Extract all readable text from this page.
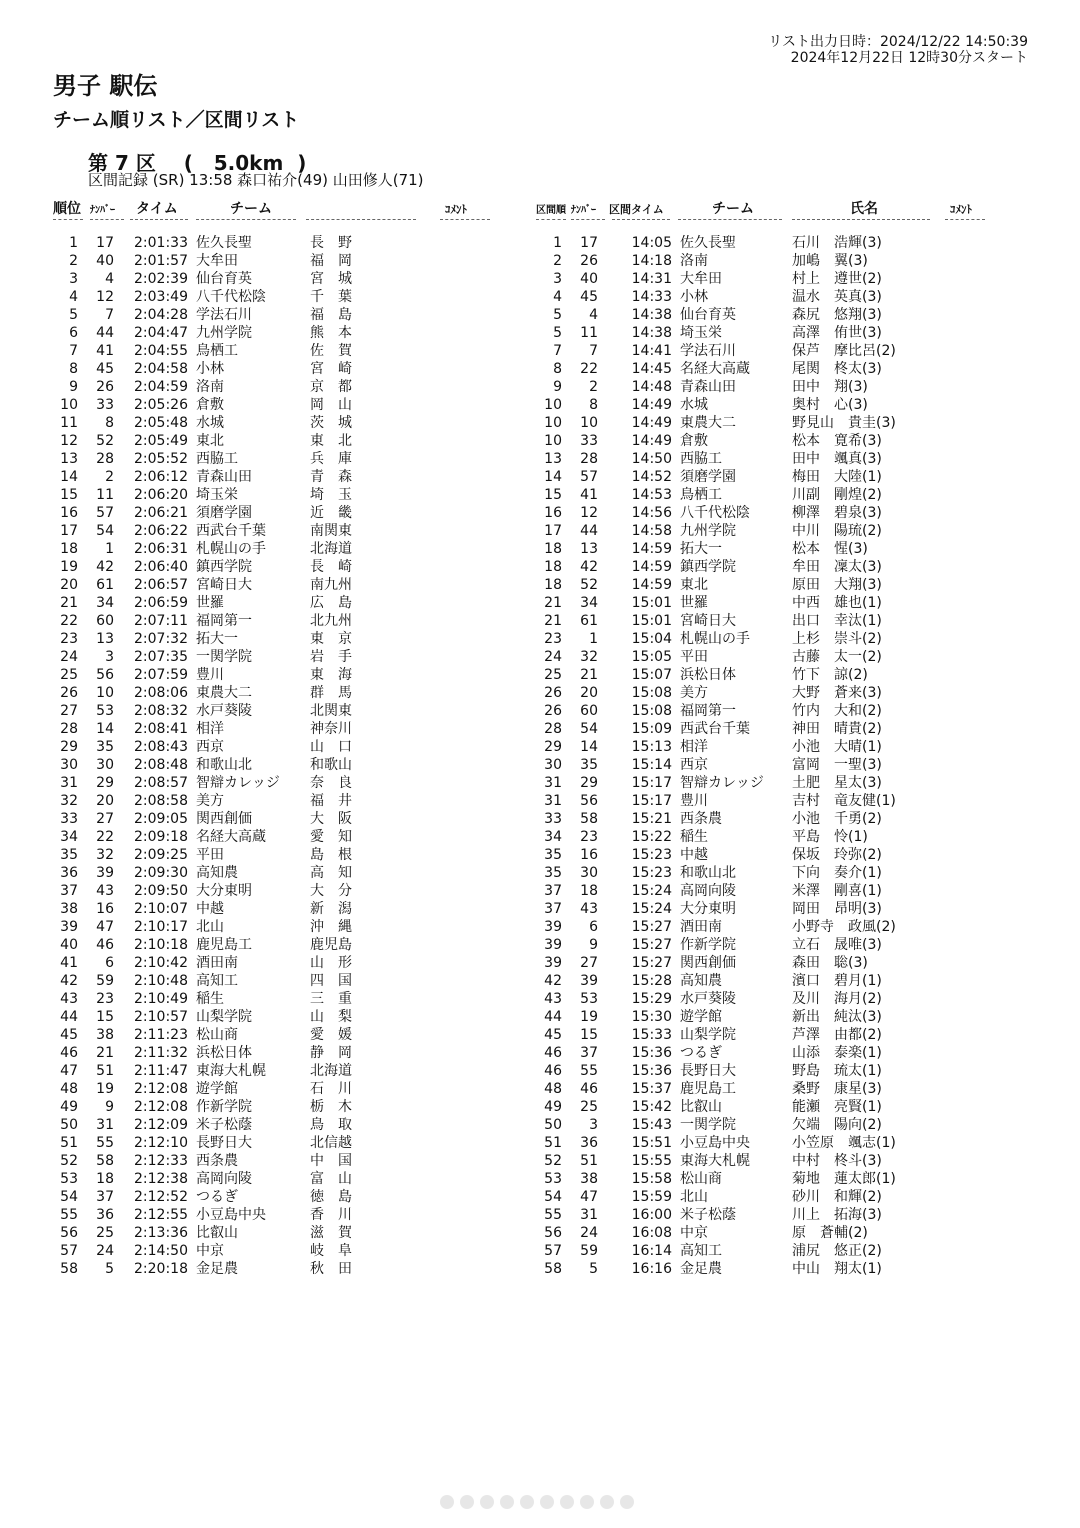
リスト出力日時：2024/12/22 14:50:39
2024年12月22日 12時30分スタート
男子 駅伝
チーム順リスト／区間リスト
第 7 区    (   5.0km  )
区間記録 (SR) 13:58 森口祐介(49) 山田修人(71)
順位 ﾅﾝﾊﾞｰ タイム	チーム	ｺﾒﾝﾄ	区間順 ﾅﾝﾊﾞｰ 区間タイム	チーム	氏名	ｺﾒﾝﾄ
1	17	2:01:33	佐久長聖	長　野
2	40	2:01:57	大牟田	福　岡
3	4	2:02:39	仙台育英	宮　城
4	12	2:03:49	八千代松陰	千　葉
5	7	2:04:28	学法石川	福　島
6	44	2:04:47	九州学院	熊　本
7	41	2:04:55	鳥栖工	佐　賀
8	45	2:04:58	小林	宮　崎
9	26	2:04:59	洛南	京　都
10	33	2:05:26	倉敷	岡　山
11	8	2:05:48	水城	茨　城
12	52	2:05:49	東北	東　北
13	28	2:05:52	西脇工	兵　庫
14	2	2:06:12	青森山田	青　森
15	11	2:06:20	埼玉栄	埼　玉
16	57	2:06:21	須磨学園	近　畿
17	54	2:06:22	西武台千葉	南関東
18	1	2:06:31	札幌山の手	北海道
19	42	2:06:40	鎮西学院	長　崎
20	61	2:06:57	宮崎日大	南九州
21	34	2:06:59	世羅	広　島
22	60	2:07:11	福岡第一	北九州
23	13	2:07:32	拓大一	東　京
24	3	2:07:35	一関学院	岩　手
25	56	2:07:59	豊川	東　海
26	10	2:08:06	東農大二	群　馬
27	53	2:08:32	水戸葵陵	北関東
28	14	2:08:41	相洋	神奈川
29	35	2:08:43	西京	山　口
30	30	2:08:48	和歌山北	和歌山
31	29	2:08:57	智辯カレッジ	奈　良
32	20	2:08:58	美方	福　井
33	27	2:09:05	関西創価	大　阪
34	22	2:09:18	名経大高蔵	愛　知
35	32	2:09:25	平田	島　根
36	39	2:09:30	高知農	高　知
37	43	2:09:50	大分東明	大　分
38	16	2:10:07	中越	新　潟
39	47	2:10:17	北山	沖　縄
40	46	2:10:18	鹿児島工	鹿児島
41	6	2:10:42	酒田南	山　形
42	59	2:10:48	高知工	四　国
43	23	2:10:49	稲生	三　重
44	15	2:10:57	山梨学院	山　梨
45	38	2:11:23	松山商	愛　媛
46	21	2:11:32	浜松日体	静　岡
47	51	2:11:47	東海大札幌	北海道
48	19	2:12:08	遊学館	石　川
49	9	2:12:08	作新学院	栃　木
50	31	2:12:09	米子松蔭	鳥　取
51	55	2:12:10	長野日大	北信越
52	58	2:12:33	西条農	中　国
53	18	2:12:38	高岡向陵	富　山
54	37	2:12:52	つるぎ	徳　島
55	36	2:12:55	小豆島中央	香　川
56	25	2:13:36	比叡山	滋　賀
57	24	2:14:50	中京	岐　阜
58	5	2:20:18	金足農	秋　田
1	17	14:05	佐久長聖	石川　浩輝(3)
2	26	14:18	洛南	加嶋　翼(3)
3	40	14:31	大牟田	村上　遵世(2)
4	45	14:33	小林	温水　英真(3)
5	4	14:38	仙台育英	森尻　悠翔(3)
5	11	14:38	埼玉栄	高澤　侑世(3)
7	7	14:41	学法石川	保芦　摩比呂(2)
8	22	14:45	名経大高蔵	尾関　柊太(3)
9	2	14:48	青森山田	田中　翔(3)
10	8	14:49	水城	奥村　心(3)
10	10	14:49	東農大二	野見山　貴圭(3)
10	33	14:49	倉敷	松本　寛希(3)
13	28	14:50	西脇工	田中　颯真(3)
14	57	14:52	須磨学園	梅田　大陸(1)
15	41	14:53	鳥栖工	川副　剛煌(2)
16	12	14:56	八千代松陰	柳澤　碧泉(3)
17	44	14:58	九州学院	中川　陽琉(2)
18	13	14:59	拓大一	松本　惺(3)
18	42	14:59	鎮西学院	牟田　凜太(3)
18	52	14:59	東北	原田　大翔(3)
21	34	15:01	世羅	中西　雄也(1)
21	61	15:01	宮崎日大	出口　幸汰(1)
23	1	15:04	札幌山の手	上杉　崇斗(2)
24	32	15:05	平田	古藤　太一(2)
25	21	15:07	浜松日体	竹下　諒(2)
26	20	15:08	美方	大野　蒼来(3)
26	60	15:08	福岡第一	竹内　大和(2)
28	54	15:09	西武台千葉	神田　晴貴(2)
29	14	15:13	相洋	小池　大晴(1)
30	35	15:14	西京	富岡　一聖(3)
31	29	15:17	智辯カレッジ	土肥　星太(3)
31	56	15:17	豊川	吉村　竜友健(1)
33	58	15:21	西条農	小池　千勇(2)
34	23	15:22	稲生	平島　怜(1)
35	16	15:23	中越	保坂　玲弥(2)
35	30	15:23	和歌山北	下向　奏介(1)
37	18	15:24	高岡向陵	米澤　剛喜(1)
37	43	15:24	大分東明	岡田　昂明(3)
39	6	15:27	酒田南	小野寺　政風(2)
39	9	15:27	作新学院	立石　晟唯(3)
39	27	15:27	関西創価	森田　聡(3)
42	39	15:28	高知農	濱口　碧月(1)
43	53	15:29	水戸葵陵	及川　海月(2)
44	19	15:30	遊学館	新出　純汰(3)
45	15	15:33	山梨学院	芦澤　由都(2)
46	37	15:36	つるぎ	山添　泰楽(1)
46	55	15:36	長野日大	野島　琉太(1)
48	46	15:37	鹿児島工	桑野　康星(3)
49	25	15:42	比叡山	能瀬　亮賢(1)
50	3	15:43	一関学院	欠端　陽向(2)
51	36	15:51	小豆島中央	小笠原　颯志(1)
52	51	15:55	東海大札幌	中村　柊斗(3)
53	38	15:58	松山商	菊地　蓮太郎(1)
54	47	15:59	北山	砂川　和輝(2)
55	31	16:00	米子松蔭	川上　拓海(3)
56	24	16:08	中京	原　蒼輔(2)
57	59	16:14	高知工	浦尻　悠正(2)
58	5	16:16	金足農	中山　翔太(1)
